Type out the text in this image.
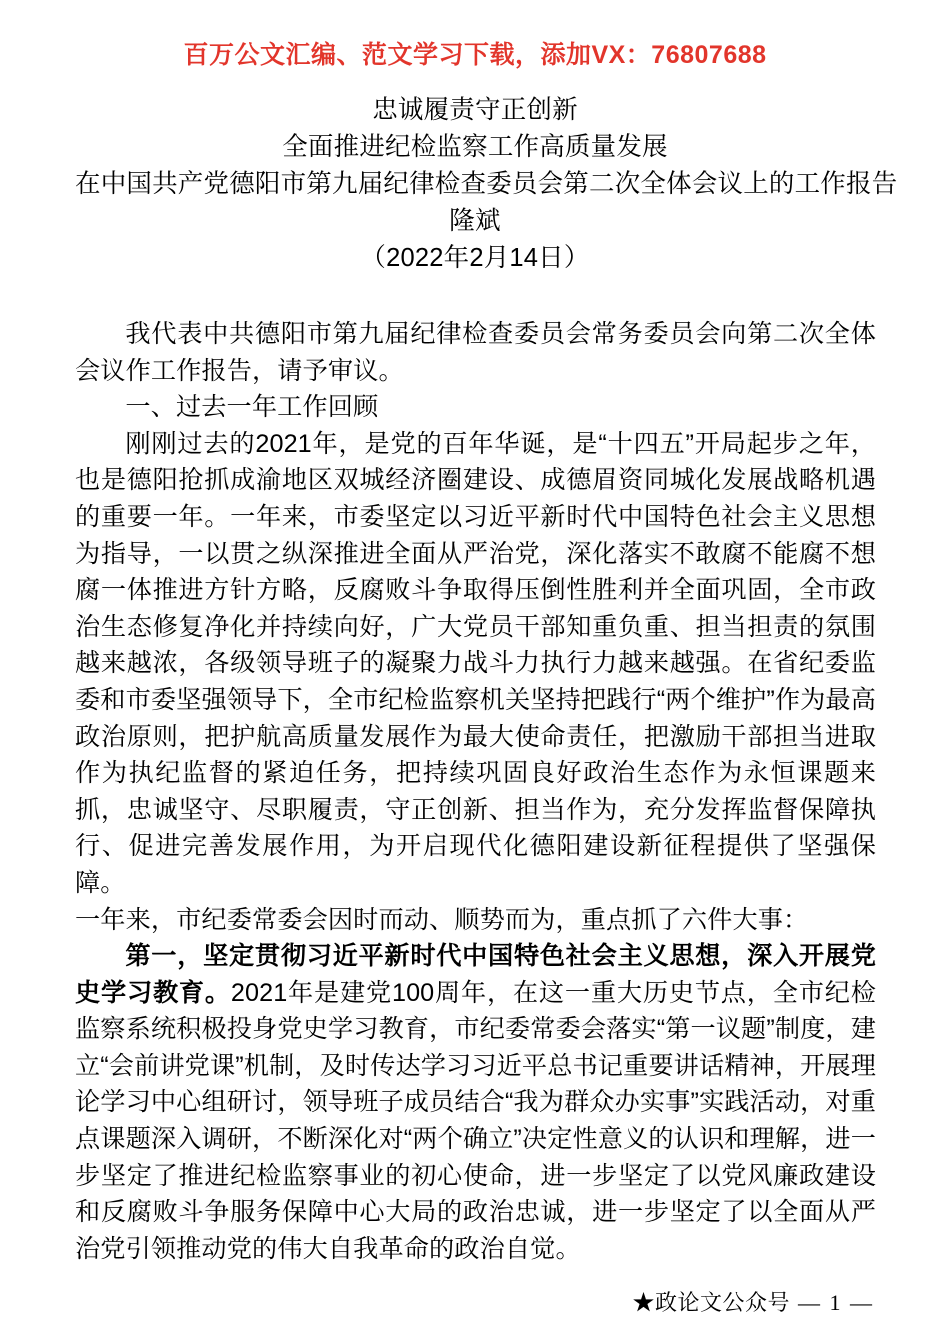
百万公文汇编、范文学习下载，添加VX：76807688
忠诚履责守正创新
全面推进纪检监察工作高质量发展
在中国共产党德阳市第九届纪律检查委员会第二次全体会议上的工作报告
隆斌
（2022年2月14日）

我代表中共德阳市第九届纪律检查委员会常务委员会向第二次全体会议作工作报告，请予审议。

一、过去一年工作回顾

刚刚过去的2021年，是党的百年华诞，是“十四五”开局起步之年，也是德阳抢抓成渝地区双城经济圈建设、成德眉资同城化发展战略机遇的重要一年。一年来，市委坚定以习近平新时代中国特色社会主义思想为指导，一以贯之纵深推进全面从严治党，深化落实不敢腐不能腐不想腐一体推进方针方略，反腐败斗争取得压倒性胜利并全面巩固，全市政治生态修复净化并持续向好，广大党员干部知重负重、担当担责的氛围越来越浓，各级领导班子的凝聚力战斗力执行力越来越强。在省纪委监委和市委坚强领导下，全市纪检监察机关坚持把践行“两个维护”作为最高政治原则，把护航高质量发展作为最大使命责任，把激励干部担当进取作为执纪监督的紧迫任务，把持续巩固良好政治生态作为永恒课题来抓，忠诚坚守、尽职履责，守正创新、担当作为，充分发挥监督保障执行、促进完善发展作用，为开启现代化德阳建设新征程提供了坚强保障。

一年来，市纪委常委会因时而动、顺势而为，重点抓了六件大事：

第一，坚定贯彻习近平新时代中国特色社会主义思想，深入开展党史学习教育。2021年是建党100周年，在这一重大历史节点，全市纪检监察系统积极投身党史学习教育，市纪委常委会落实“第一议题”制度，建立“会前讲党课”机制，及时传达学习习近平总书记重要讲话精神，开展理论学习中心组研讨，领导班子成员结合“我为群众办实事”实践活动，对重点课题深入调研，不断深化对“两个确立”决定性意义的认识和理解，进一步坚定了推进纪检监察事业的初心使命，进一步坚定了以党风廉政建设和反腐败斗争服务保障中心大局的政治忠诚，进一步坚定了以全面从严治党引领推动党的伟大自我革命的政治自觉。

★政论文公众号 — 1 —
